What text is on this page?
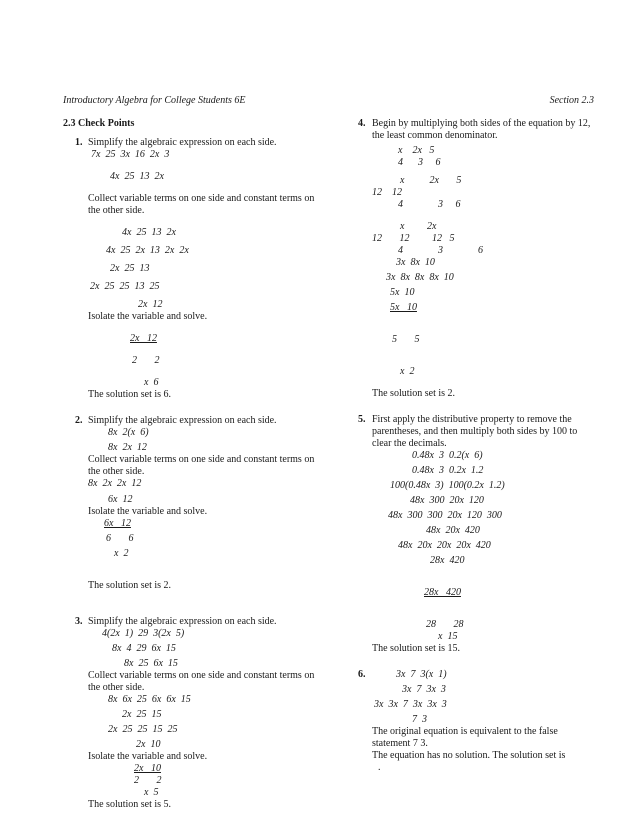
Introductory Algebra for College Students 6E	Section 2.3
2.3 Check Points
1. Simplify the algebraic expression on each side.
7x  25  3x  16  2x  3
4x  25  13  2x
Collect variable terms on one side and constant terms on the other side.
4x  25  13  2x
4x  25  2x  13  2x  2x
2x  25  13
2x  25  25  13  25
2x  12
Isolate the variable and solve.
2x   12
2       2
x  6
The solution set is 6.
2. Simplify the algebraic expression on each side.
8x  2(x  6)
8x  2x  12
Collect variable terms on one side and constant terms on the other side.
8x  2x  2x  12
6x  12
Isolate the variable and solve.
6x   12
6       6
x  2
The solution set is 2.
3. Simplify the algebraic expression on each side.
4(2x  1)  29  3(2x  5)
8x  4  29  6x  15
8x  25  6x  15
Collect variable terms on one side and constant terms on the other side.
8x  6x  25  6x  6x  15
2x  25  15
2x  25  25  15  25
2x  10
Isolate the variable and solve.
2x   10
2       2
x  5
The solution set is 5.
4. Begin by multiplying both sides of the equation by 12, the least common denominator.
x    2x   5
4      3     6
x          2x       5
12    12
4              3     6
x         2x
12       12         12   5
4              3              6
3x  8x  10
3x  8x  8x  8x  10
5x  10
5x   10
5       5
x  2
The solution set is 2.
5. First apply the distributive property to remove the parentheses, and then multiply both sides by 100 to clear the decimals.
0.48x  3  0.2(x  6)
0.48x  3  0.2x  1.2
100(0.48x  3)  100(0.2x  1.2)
48x  300  20x  120
48x  300  300  20x  120  300
48x  20x  420
48x  20x  20x  20x  420
28x  420
28x   420
28       28
x  15
The solution set is 15.
6.	3x  7  3(x  1)
3x  7  3x  3
3x  3x  7  3x  3x  3
7  3
The original equation is equivalent to the false statement 7 3.
The equation has no solution. The solution set is
.
